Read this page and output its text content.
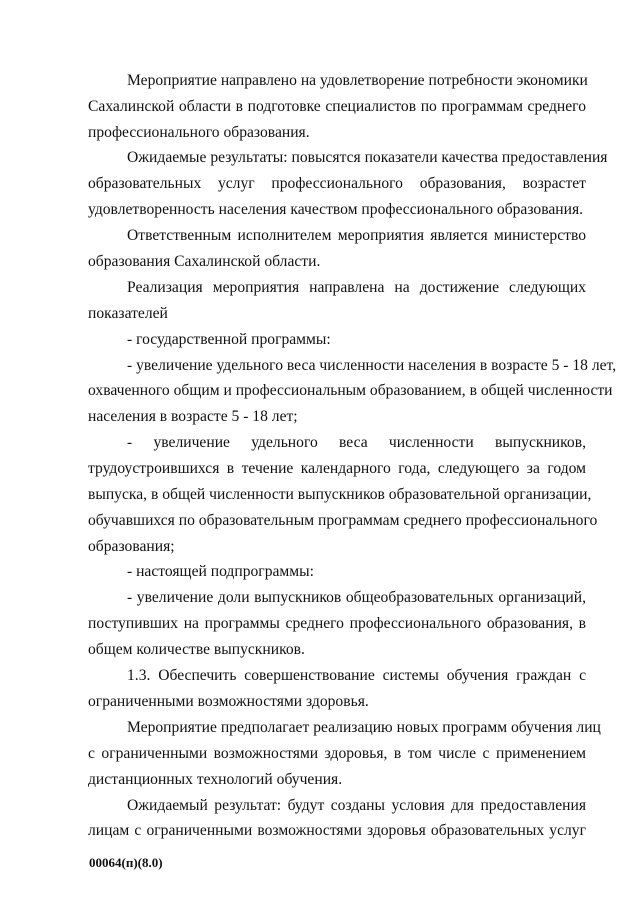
Мероприятие направлено на удовлетворение потребности экономики
Сахалинской области в подготовке специалистов по программам среднего
профессионального образования.
Ожидаемые результаты: повысятся показатели качества предоставления
образовательных услуг профессионального образования, возрастет
удовлетворенность населения качеством профессионального образования.
Ответственным исполнителем мероприятия является министерство
образования Сахалинской области.
Реализация мероприятия направлена на достижение следующих
показателей
- государственной программы:
- увеличение удельного веса численности населения в возрасте 5 - 18 лет,
охваченного общим и профессиональным образованием, в общей численности
населения в возрасте 5 - 18 лет;
- увеличение удельного веса численности выпускников,
трудоустроившихся в течение календарного года, следующего за годом
выпуска, в общей численности выпускников образовательной организации,
обучавшихся по образовательным программам среднего профессионального
образования;
- настоящей подпрограммы:
- увеличение доли выпускников общеобразовательных организаций,
поступивших на программы среднего профессионального образования, в
общем количестве выпускников.
1.3. Обеспечить совершенствование системы обучения граждан с
ограниченными возможностями здоровья.
Мероприятие предполагает реализацию новых программ обучения лиц
с ограниченными возможностями здоровья, в том числе с применением
дистанционных технологий обучения.
Ожидаемый результат: будут созданы условия для предоставления
лицам с ограниченными возможностями здоровья образовательных услуг
00064(п)(8.0)
